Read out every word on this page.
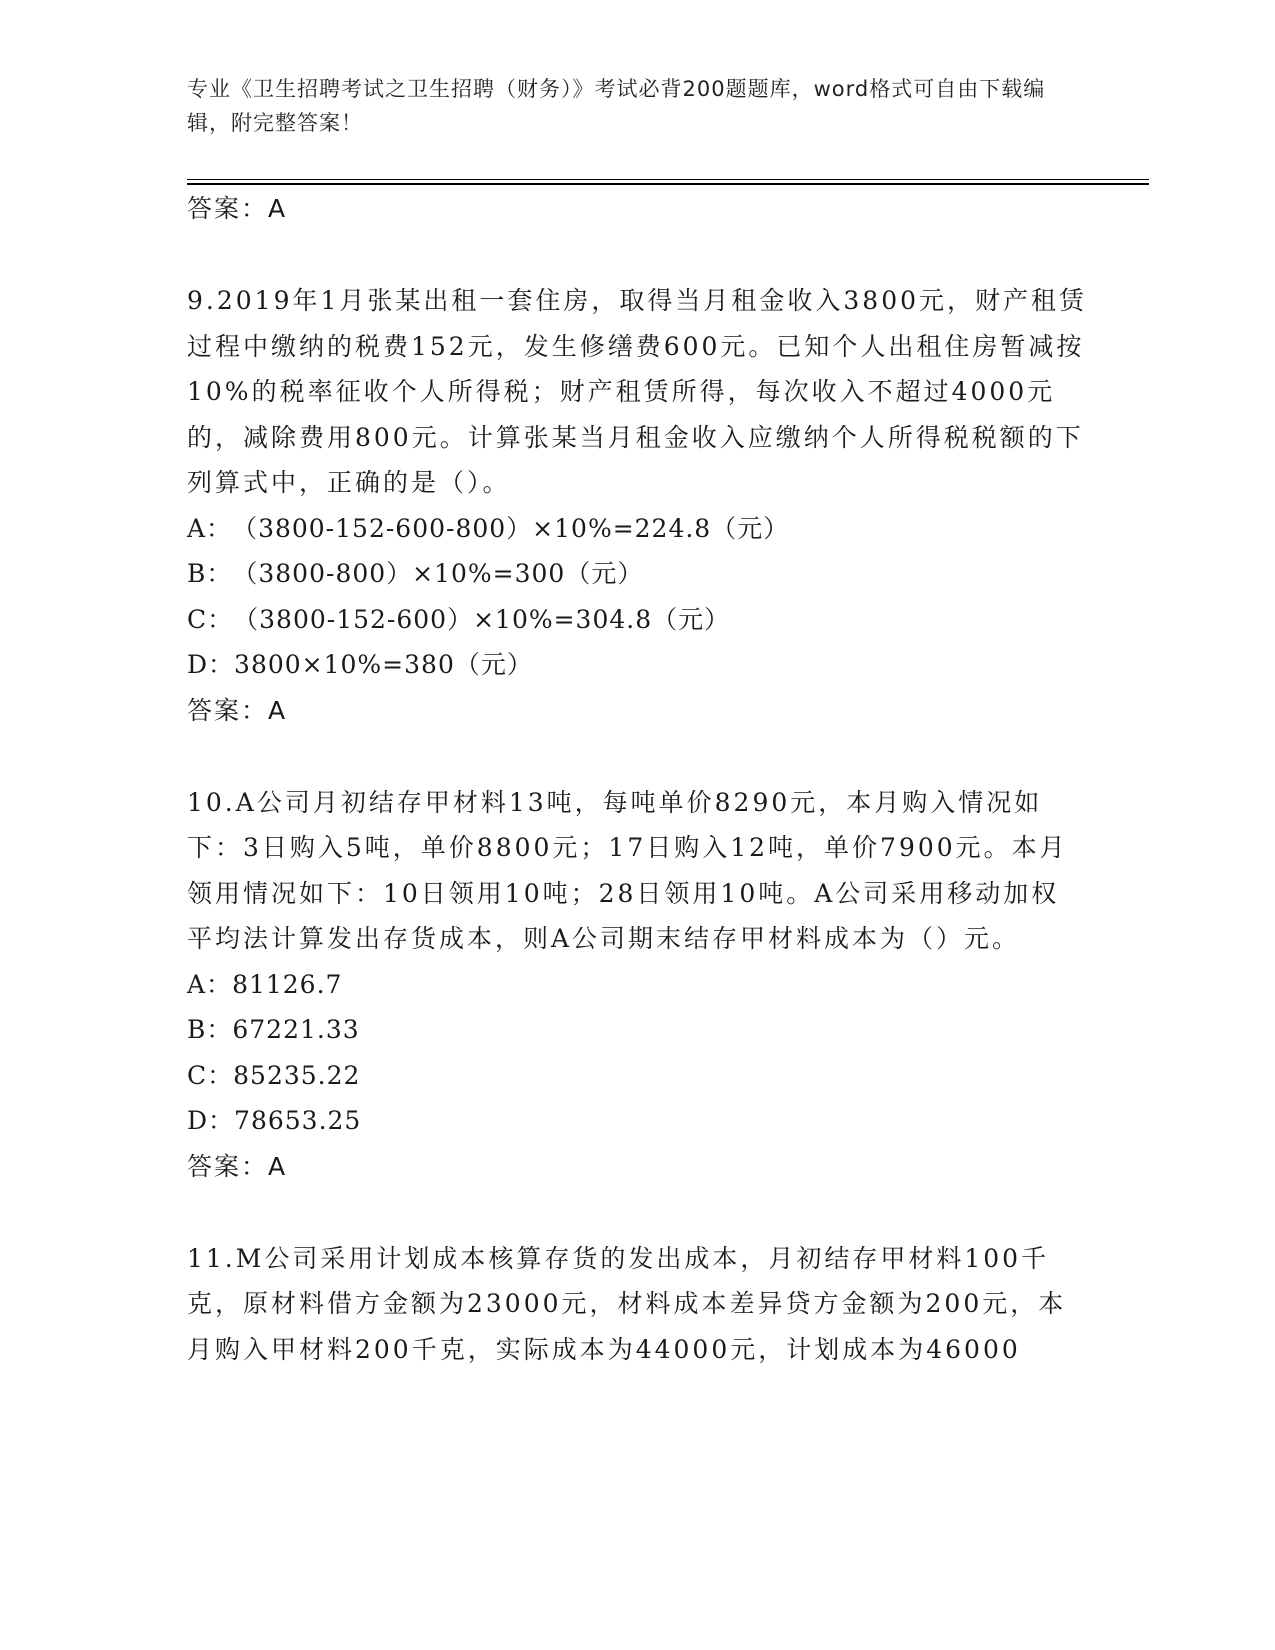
专业《卫生招聘考试之卫生招聘（财务）》考试必背200题题库，word格式可自由下载编辑，附完整答案！
答案：A
9.2019年1月张某出租一套住房，取得当月租金收入3800元，财产租赁过程中缴纳的税费152元，发生修缮费600元。已知个人出租住房暂减按10%的税率征收个人所得税；财产租赁所得，每次收入不超过4000元的，减除费用800元。计算张某当月租金收入应缴纳个人所得税税额的下列算式中，正确的是（）。
A：（3800-152-600-800）×10%=224.8（元）
B：（3800-800）×10%=300（元）
C：（3800-152-600）×10%=304.8（元）
D：3800×10%=380（元）
答案：A
10.A公司月初结存甲材料13吨，每吨单价8290元，本月购入情况如下：3日购入5吨，单价8800元；17日购入12吨，单价7900元。本月领用情况如下：10日领用10吨；28日领用10吨。A公司采用移动加权平均法计算发出存货成本，则A公司期末结存甲材料成本为（）元。
A：81126.7
B：67221.33
C：85235.22
D：78653.25
答案：A
11.M公司采用计划成本核算存货的发出成本，月初结存甲材料100千克，原材料借方金额为23000元，材料成本差异贷方金额为200元，本月购入甲材料200千克，实际成本为44000元，计划成本为46000
